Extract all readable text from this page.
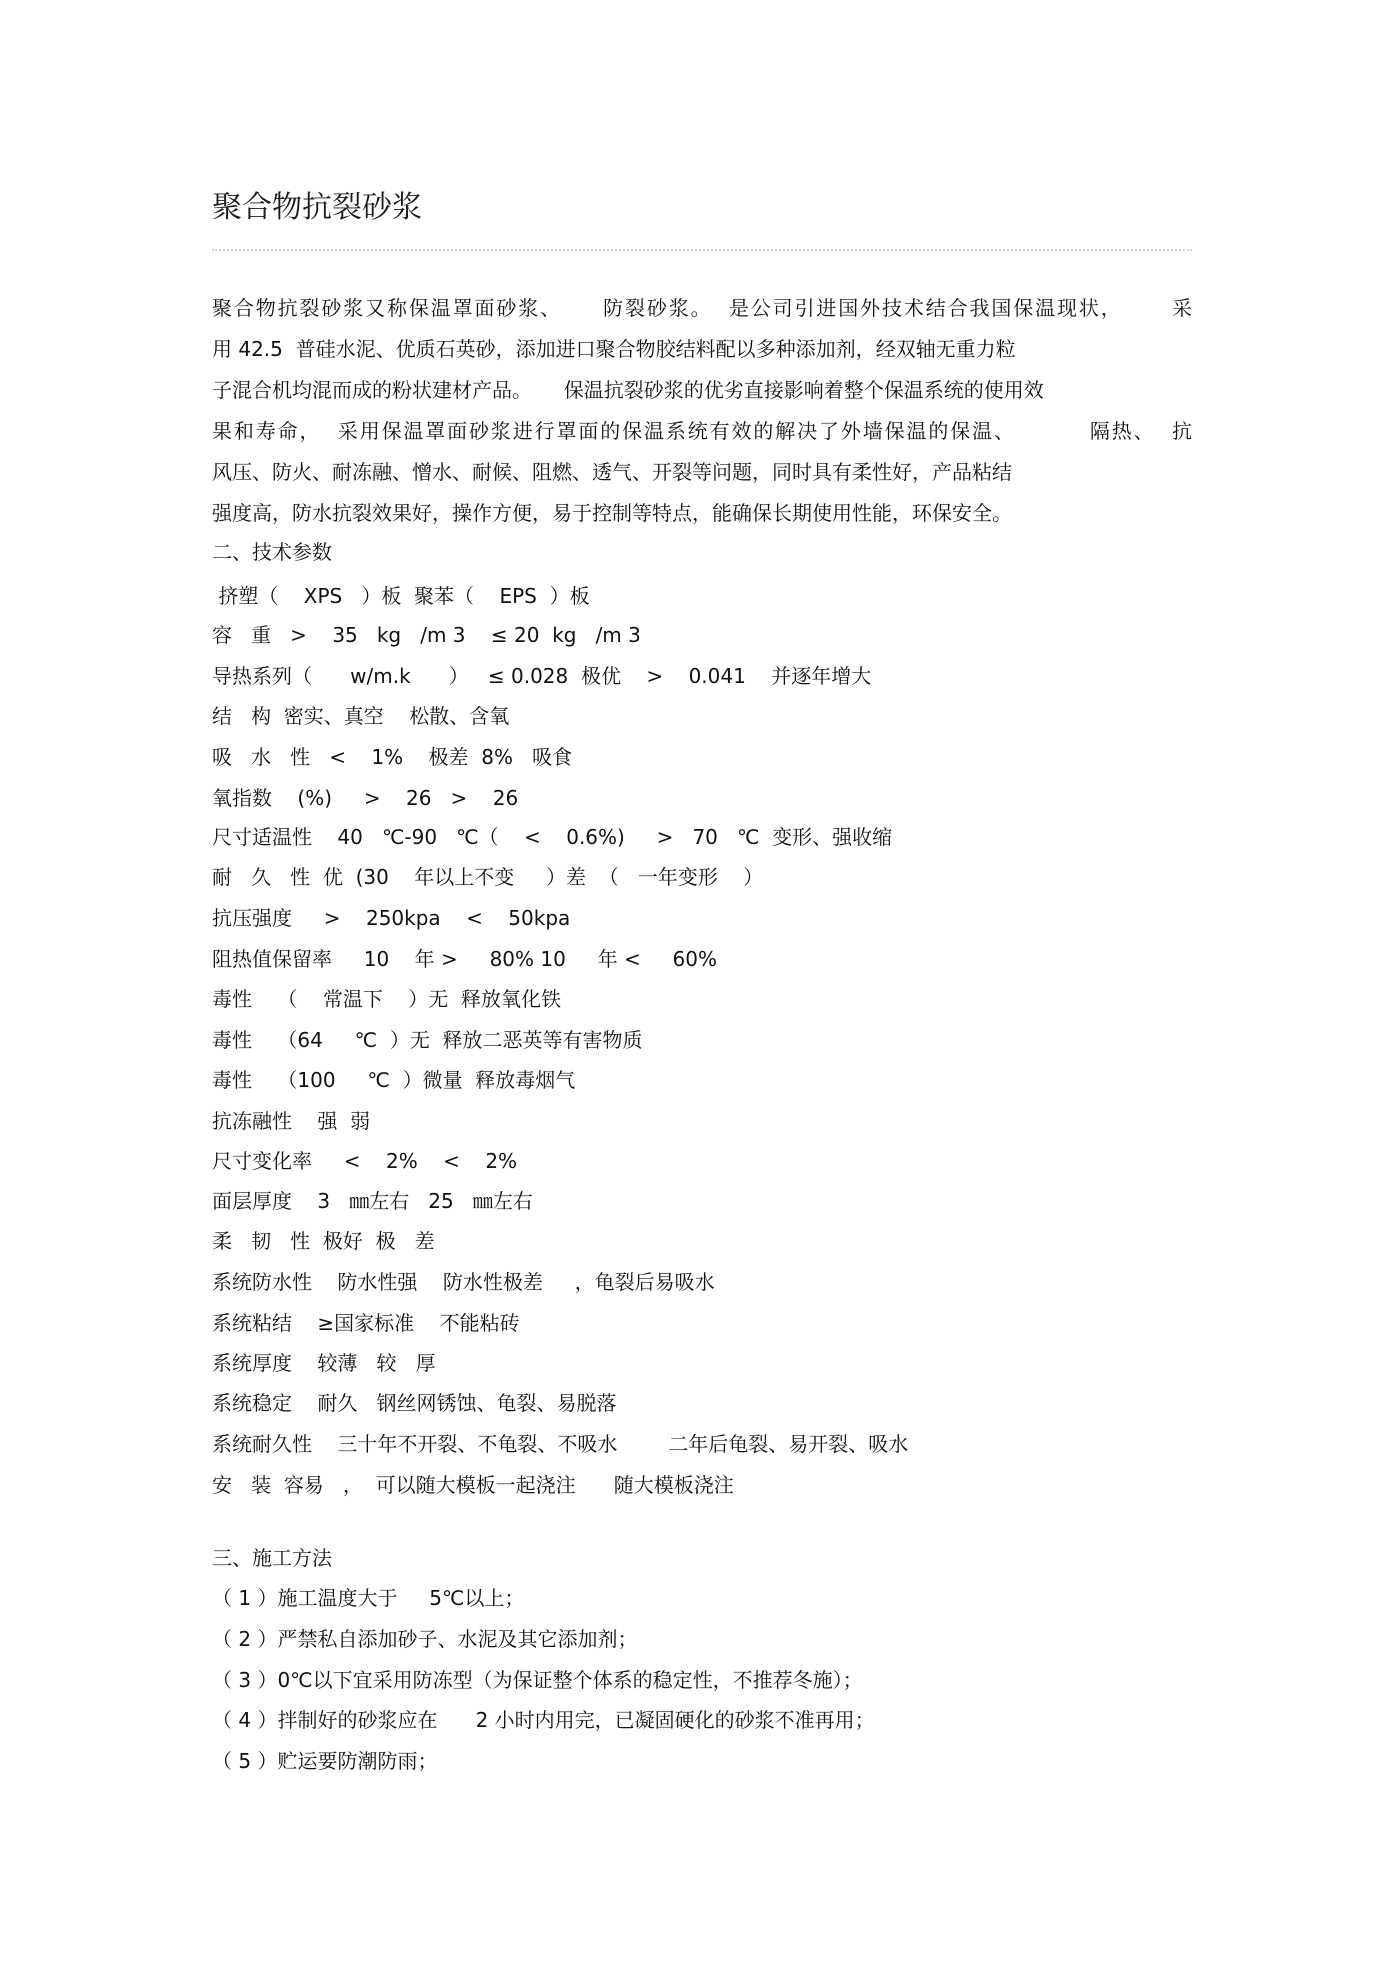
聚合物抗裂砂浆
聚合物抗裂砂浆又称保温罩面砂浆、     防裂砂浆。  是公司引进国外技术结合我国保温现状，      采
用 42.5  普硅水泥、优质石英砂，添加进口聚合物胶结料配以多种添加剂，经双轴无重力粒
子混合机均混而成的粉状建材产品。     保温抗裂砂浆的优劣直接影响着整个保温系统的使用效
果和寿命，  采用保温罩面砂浆进行罩面的保温系统有效的解决了外墙保温的保温、         隔热、  抗
风压、防火、耐冻融、憎水、耐候、阻燃、透气、开裂等问题，同时具有柔性好，产品粘结
强度高，防水抗裂效果好，操作方便，易于控制等特点，能确保长期使用性能，环保安全。
二、技术参数
挤塑（    XPS   ）板  聚苯（    EPS  ）板
容   重   >    35   kg   /m 3    ≤ 20  kg   /m 3
导热系列（      w/m.k      ）   ≤ 0.028  极优    >    0.041    并逐年增大
结   构  密实、真空    松散、含氧
吸   水   性   <    1%    极差  8%   吸食
氧指数    (%)     >    26   >    26
尺寸适温性    40   ℃-90   ℃（    <    0.6%)     >   70   ℃  变形、强收缩
耐   久   性  优  (30    年以上不变     ）差  （   一年变形    ）
抗压强度     >    250kpa    <    50kpa
阻热值保留率     10    年 >     80% 10     年 <     60%
毒性    （    常温下    ）无  释放氧化铁
毒性    （64     ℃  ）无  释放二恶英等有害物质
毒性    （100     ℃  ）微量  释放毒烟气
抗冻融性    强  弱
尺寸变化率     <    2%    <    2%
面层厚度    3   ㎜左右   25   ㎜左右
柔   韧   性  极好  极   差
系统防水性    防水性强    防水性极差     ，龟裂后易吸水
系统粘结    ≥国家标准    不能粘砖
系统厚度    较薄   较   厚
系统稳定    耐久   钢丝网锈蚀、龟裂、易脱落
系统耐久性    三十年不开裂、不龟裂、不吸水        二年后龟裂、易开裂、吸水
安   装  容易   ，  可以随大模板一起浇注      随大模板浇注
三、施工方法
（ 1 ）施工温度大于     5℃以上；
（ 2 ）严禁私自添加砂子、水泥及其它添加剂；
（ 3 ）0℃以下宜采用防冻型（为保证整个体系的稳定性，不推荐冬施）；
（ 4 ）拌制好的砂浆应在      2 小时内用完，已凝固硬化的砂浆不准再用；
（ 5 ）贮运要防潮防雨；
